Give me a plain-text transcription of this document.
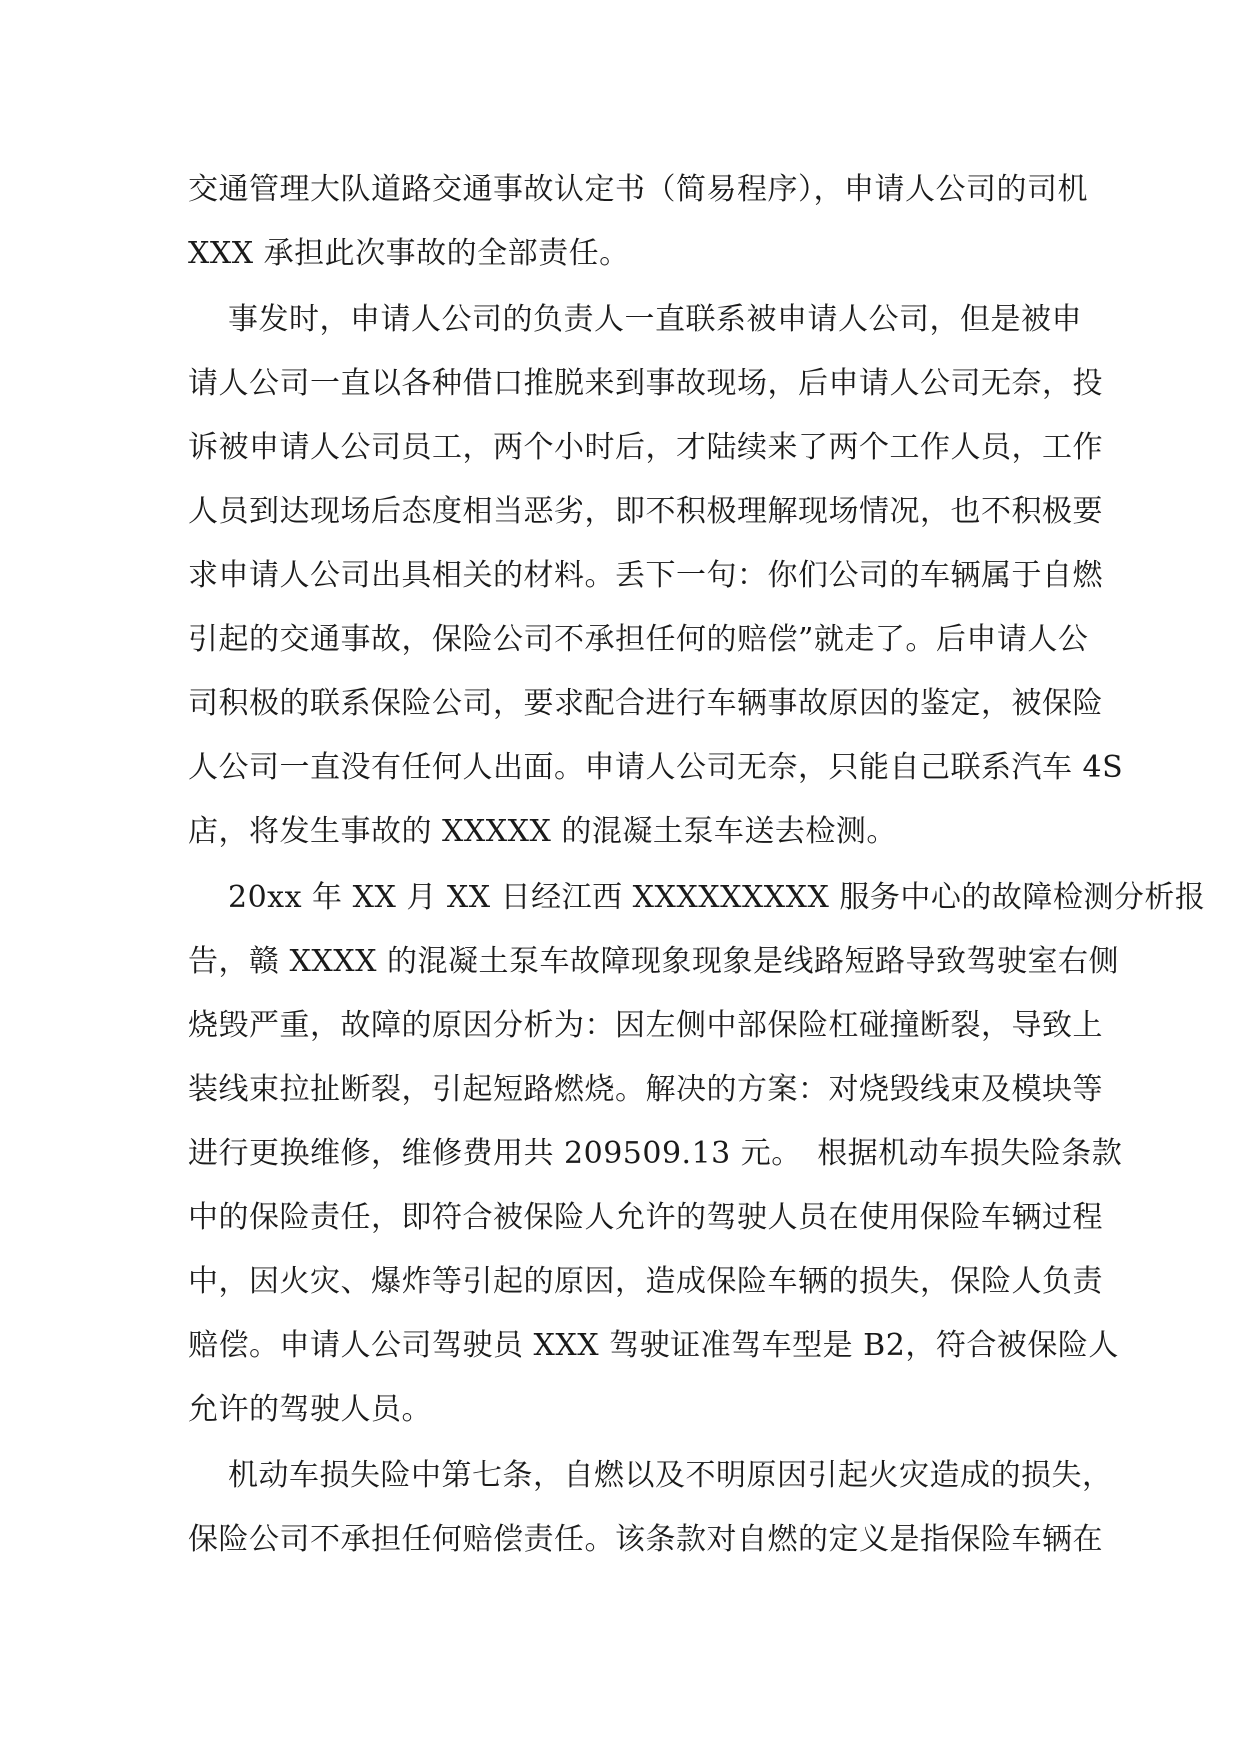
交通管理大队道路交通事故认定书（简易程序），申请人公司的司机
XXX 承担此次事故的全部责任。
事发时，申请人公司的负责人一直联系被申请人公司，但是被申
请人公司一直以各种借口推脱来到事故现场，后申请人公司无奈，投
诉被申请人公司员工，两个小时后，才陆续来了两个工作人员，工作
人员到达现场后态度相当恶劣，即不积极理解现场情况，也不积极要
求申请人公司出具相关的材料。丢下一句：你们公司的车辆属于自燃
引起的交通事故，保险公司不承担任何的赔偿”就走了。后申请人公
司积极的联系保险公司，要求配合进行车辆事故原因的鉴定，被保险
人公司一直没有任何人出面。申请人公司无奈，只能自己联系汽车 4S
店，将发生事故的 XXXXX 的混凝土泵车送去检测。
20xx 年 XX 月 XX 日经江西 XXXXXXXXX 服务中心的故障检测分析报
告，赣 XXXX 的混凝土泵车故障现象现象是线路短路导致驾驶室右侧
烧毁严重，故障的原因分析为：因左侧中部保险杠碰撞断裂，导致上
装线束拉扯断裂，引起短路燃烧。解决的方案：对烧毁线束及模块等
进行更换维修，维修费用共 209509.13 元。　根据机动车损失险条款
中的保险责任，即符合被保险人允许的驾驶人员在使用保险车辆过程
中，因火灾、爆炸等引起的原因，造成保险车辆的损失，保险人负责
赔偿。申请人公司驾驶员 XXX 驾驶证准驾车型是 B2，符合被保险人
允许的驾驶人员。
机动车损失险中第七条，自燃以及不明原因引起火灾造成的损失，
保险公司不承担任何赔偿责任。该条款对自燃的定义是指保险车辆在
